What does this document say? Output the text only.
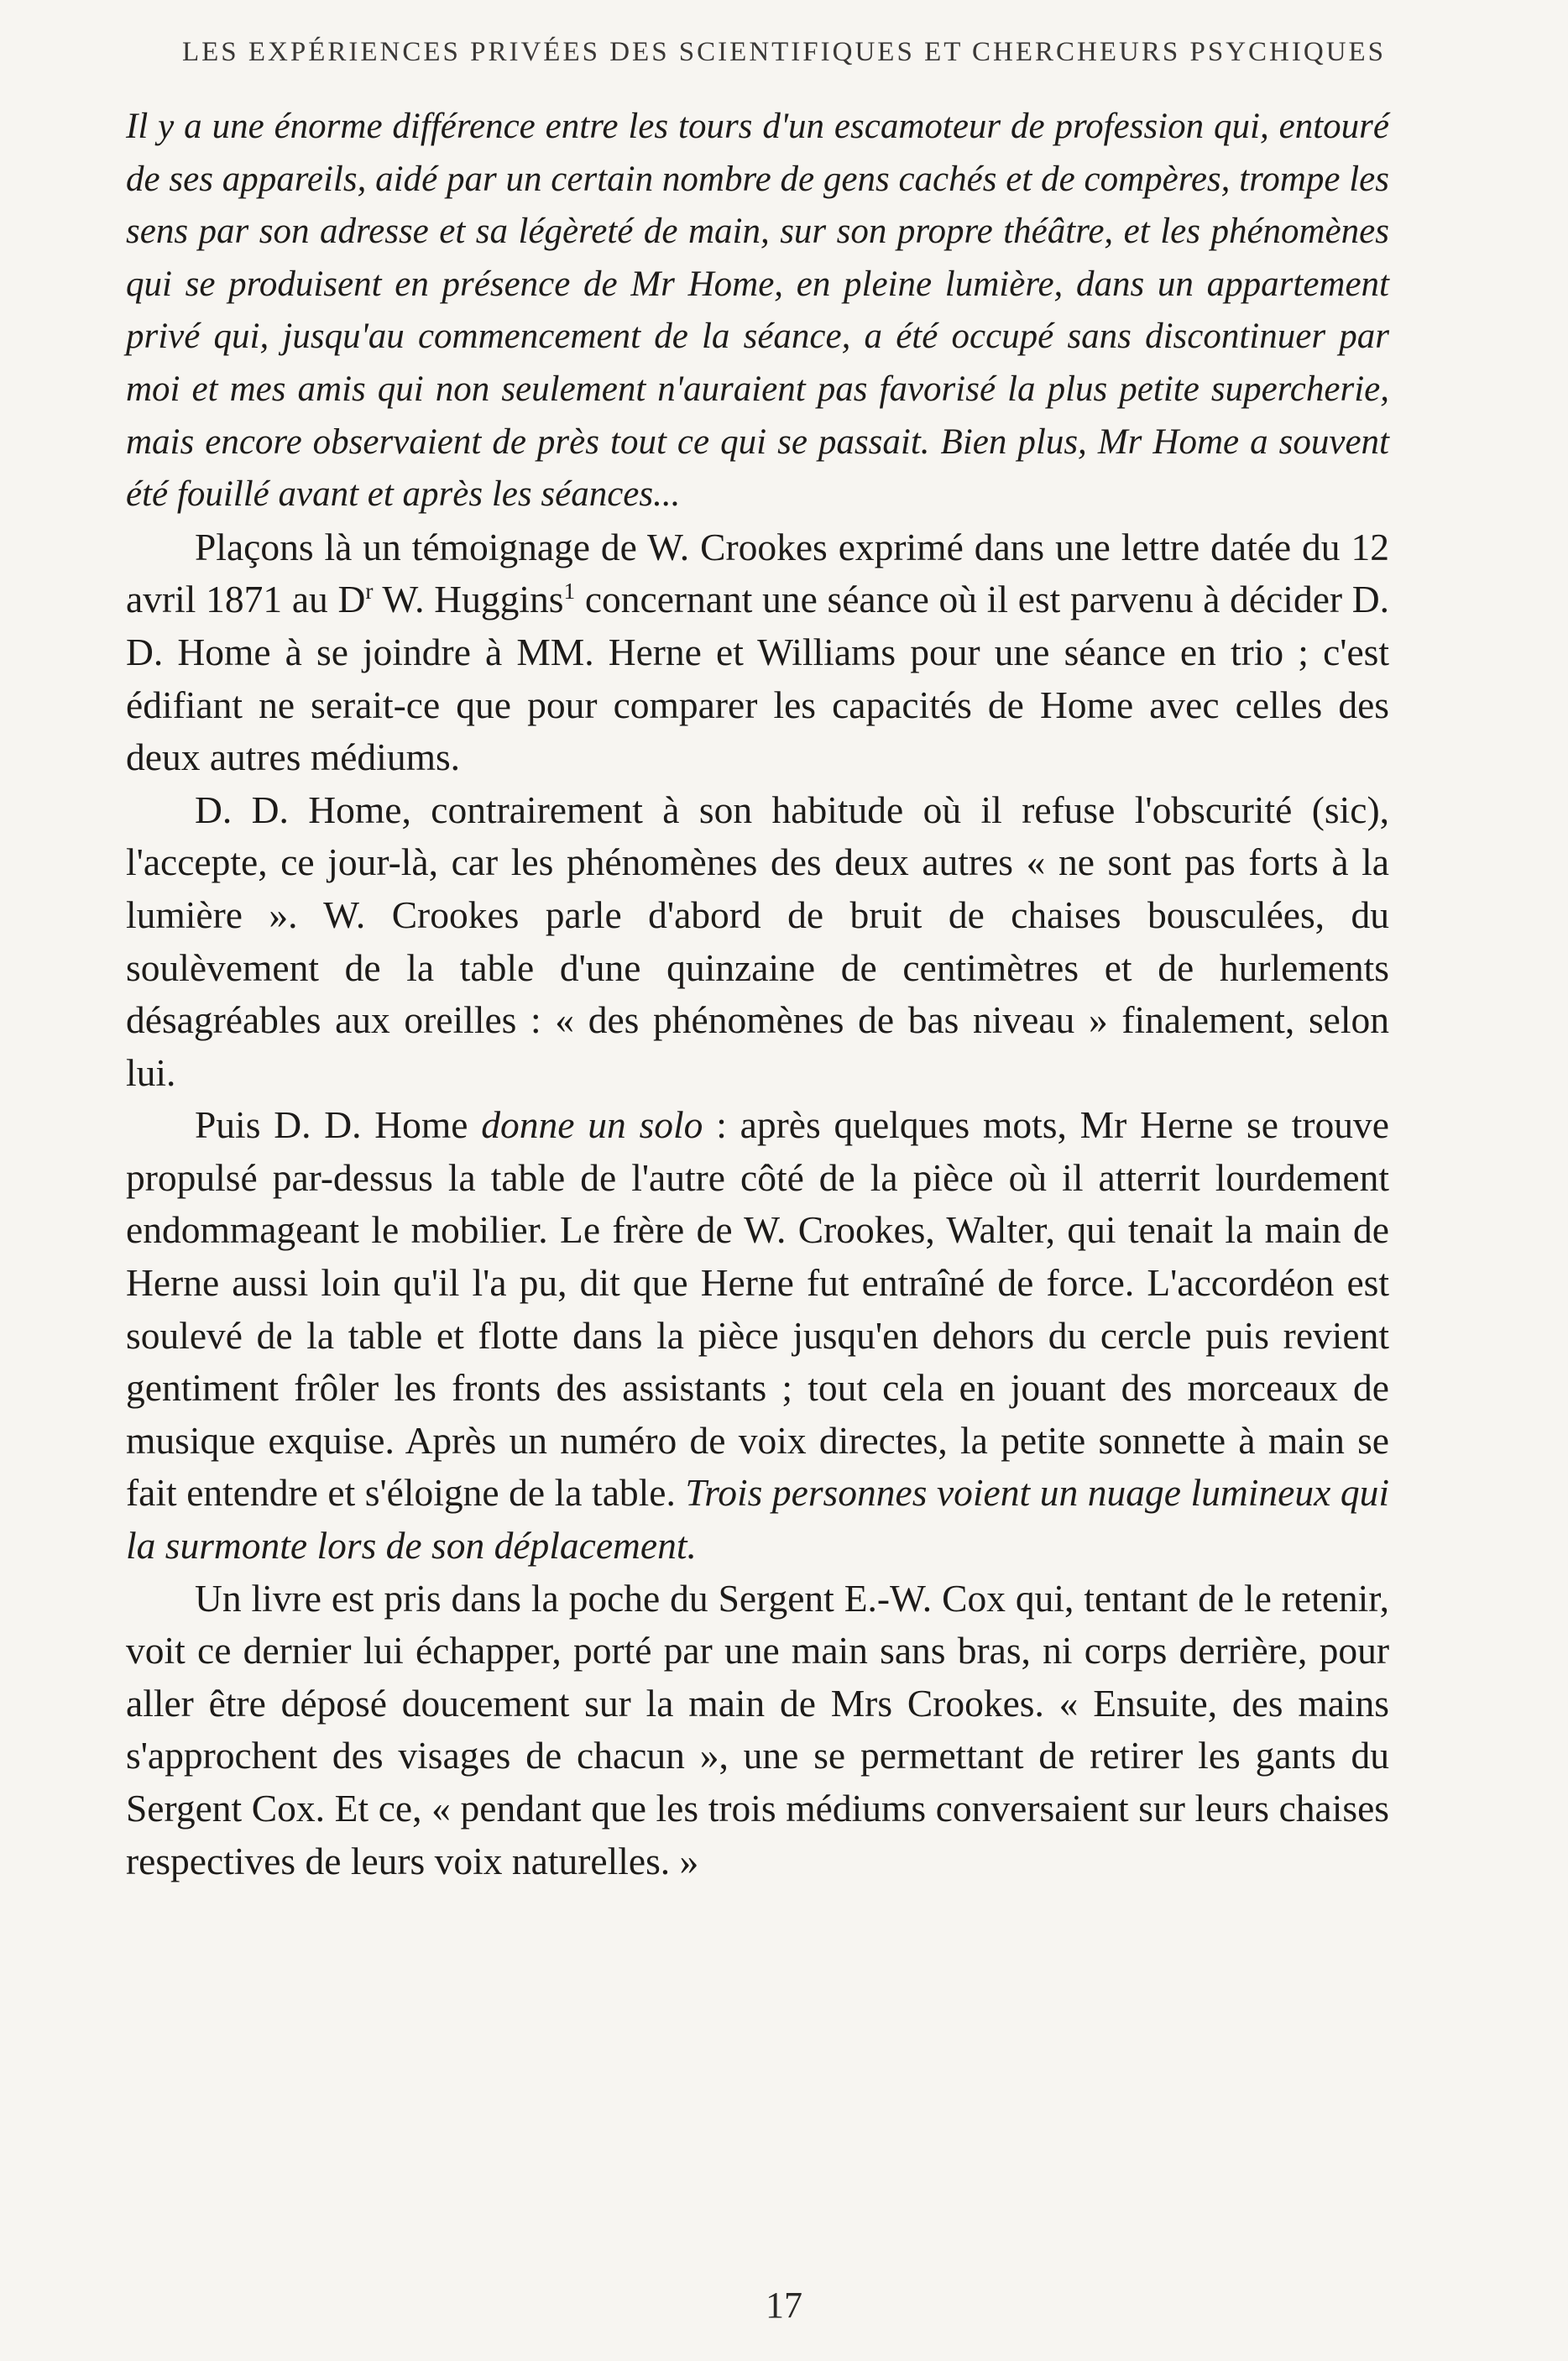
LES EXPÉRIENCES PRIVÉES DES SCIENTIFIQUES ET CHERCHEURS PSYCHIQUES

Il y a une énorme différence entre les tours d'un escamoteur de profession qui, entouré de ses appareils, aidé par un certain nombre de gens cachés et de compères, trompe les sens par son adresse et sa légèreté de main, sur son propre théâtre, et les phénomènes qui se produisent en présence de Mr Home, en pleine lumière, dans un appartement privé qui, jusqu'au commencement de la séance, a été occupé sans discontinuer par moi et mes amis qui non seulement n'auraient pas favorisé la plus petite supercherie, mais encore observaient de près tout ce qui se passait. Bien plus, Mr Home a souvent été fouillé avant et après les séances...

Plaçons là un témoignage de W. Crookes exprimé dans une lettre datée du 12 avril 1871 au $D^r$ W. Huggins$^1$ concernant une séance où il est parvenu à décider D. D. Home à se joindre à MM. Herne et Williams pour une séance en trio ; c'est édifiant ne serait-ce que pour comparer les capacités de Home avec celles des deux autres médiums.

D. D. Home, contrairement à son habitude où il refuse l'obscurité (sic), l'accepte, ce jour-là, car les phénomènes des deux autres « ne sont pas forts à la lumière ». W. Crookes parle d'abord de bruit de chaises bousculées, du soulèvement de la table d'une quinzaine de centimètres et de hurlements désagréables aux oreilles : « des phénomènes de bas niveau » finalement, selon lui.

Puis D. D. Home donne un solo : après quelques mots, Mr Herne se trouve propulsé par-dessus la table de l'autre côté de la pièce où il atterrit lourdement endommageant le mobilier. Le frère de W. Crookes, Walter, qui tenait la main de Herne aussi loin qu'il l'a pu, dit que Herne fut entraîné de force. L'accordéon est soulevé de la table et flotte dans la pièce jusqu'en dehors du cercle puis revient gentiment frôler les fronts des assistants ; tout cela en jouant des morceaux de musique exquise. Après un numéro de voix directes, la petite sonnette à main se fait entendre et s'éloigne de la table. Trois personnes voient un nuage lumineux qui la surmonte lors de son déplacement.

Un livre est pris dans la poche du Sergent E.-W. Cox qui, tentant de le retenir, voit ce dernier lui échapper, porté par une main sans bras, ni corps derrière, pour aller être déposé doucement sur la main de Mrs Crookes. « Ensuite, des mains s'approchent des visages de chacun », une se permettant de retirer les gants du Sergent Cox. Et ce, « pendant que les trois médiums conversaient sur leurs chaises respectives de leurs voix naturelles. »

17
